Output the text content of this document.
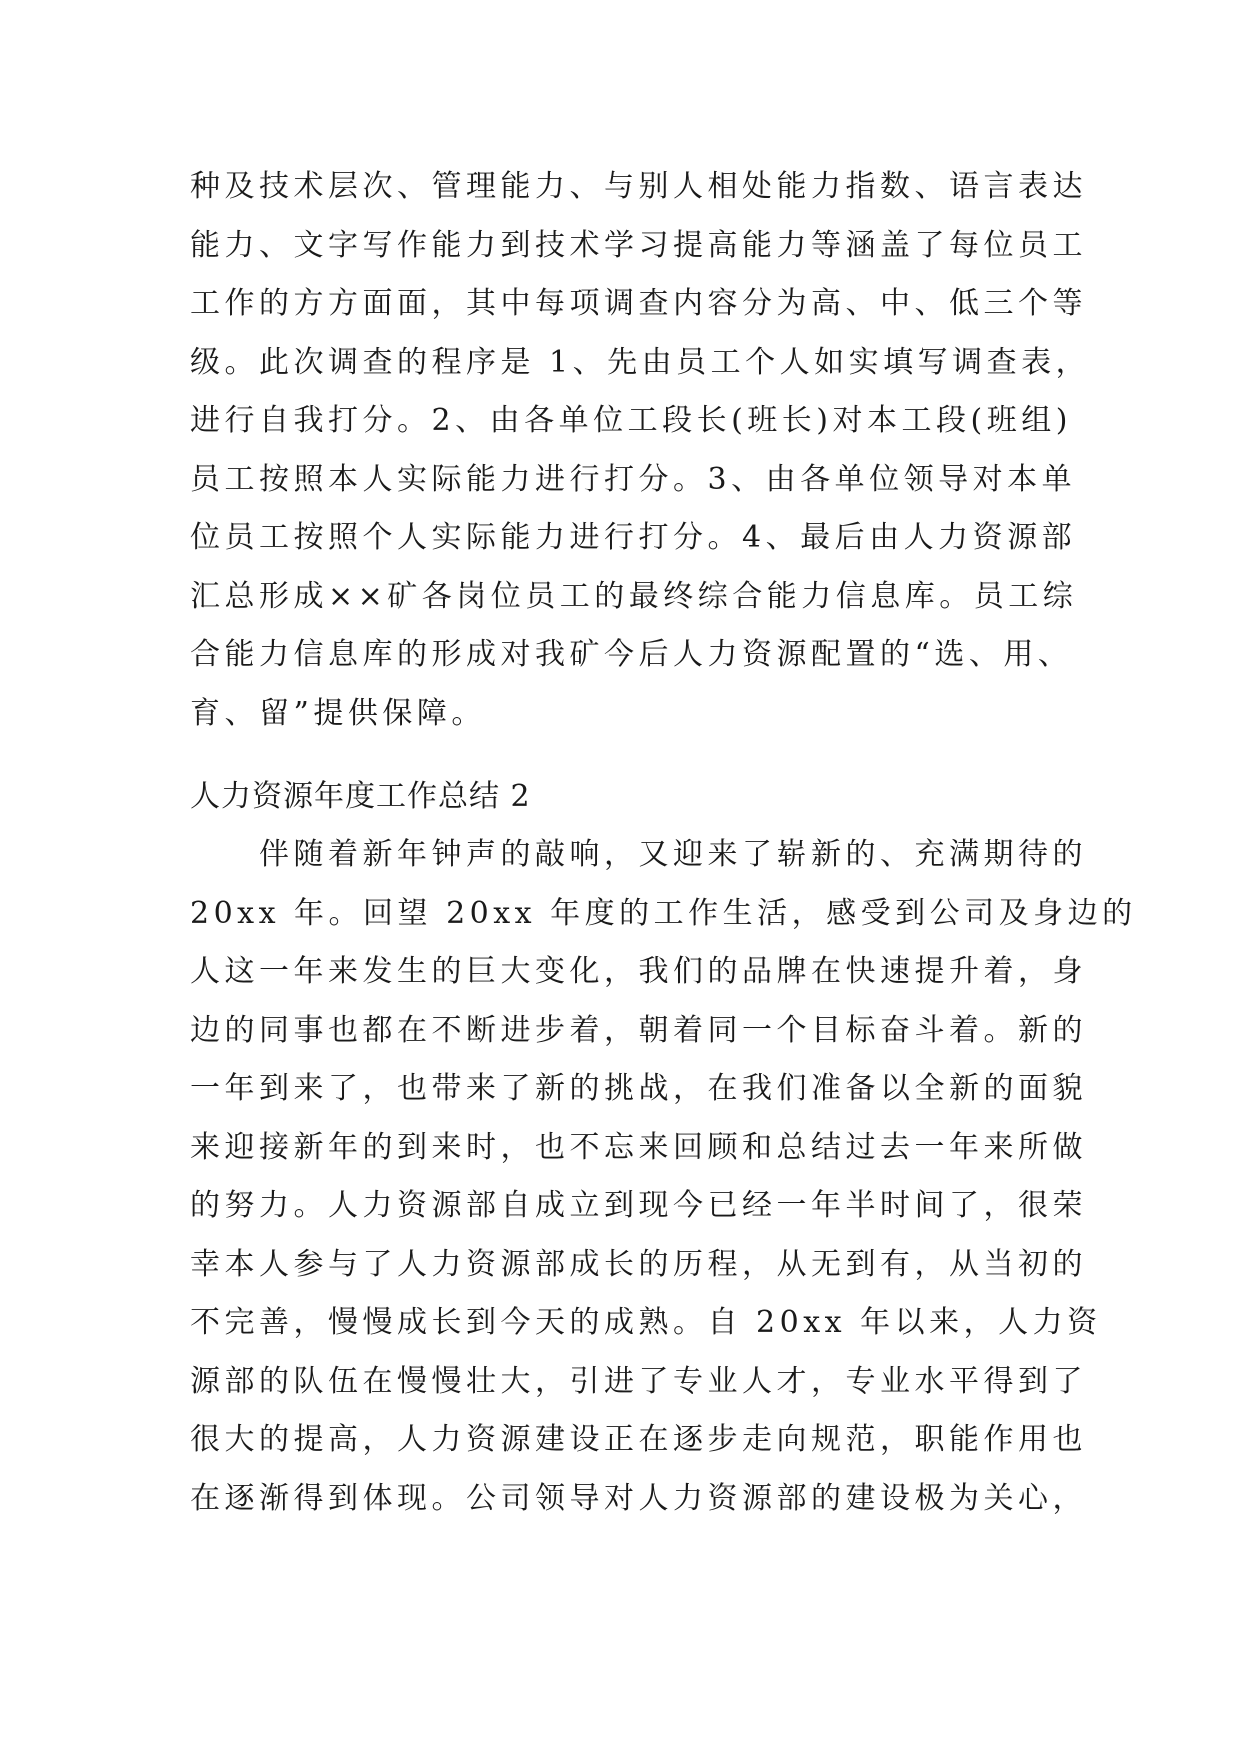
种及技术层次、管理能力、与别人相处能力指数、语言表达
能力、文字写作能力到技术学习提高能力等涵盖了每位员工
工作的方方面面，其中每项调查内容分为高、中、低三个等
级。此次调查的程序是 1、先由员工个人如实填写调查表，
进行自我打分。2、由各单位工段长(班长)对本工段(班组)
员工按照本人实际能力进行打分。3、由各单位领导对本单
位员工按照个人实际能力进行打分。4、最后由人力资源部
汇总形成××矿各岗位员工的最终综合能力信息库。员工综
合能力信息库的形成对我矿今后人力资源配置的“选、用、
育、留”提供保障。
人力资源年度工作总结 2
　　伴随着新年钟声的敲响，又迎来了崭新的、充满期待的
20xx 年。回望 20xx 年度的工作生活，感受到公司及身边的
人这一年来发生的巨大变化，我们的品牌在快速提升着，身
边的同事也都在不断进步着，朝着同一个目标奋斗着。新的
一年到来了，也带来了新的挑战，在我们准备以全新的面貌
来迎接新年的到来时，也不忘来回顾和总结过去一年来所做
的努力。人力资源部自成立到现今已经一年半时间了，很荣
幸本人参与了人力资源部成长的历程，从无到有，从当初的
不完善，慢慢成长到今天的成熟。自 20xx 年以来，人力资
源部的队伍在慢慢壮大，引进了专业人才，专业水平得到了
很大的提高，人力资源建设正在逐步走向规范，职能作用也
在逐渐得到体现。公司领导对人力资源部的建设极为关心，
